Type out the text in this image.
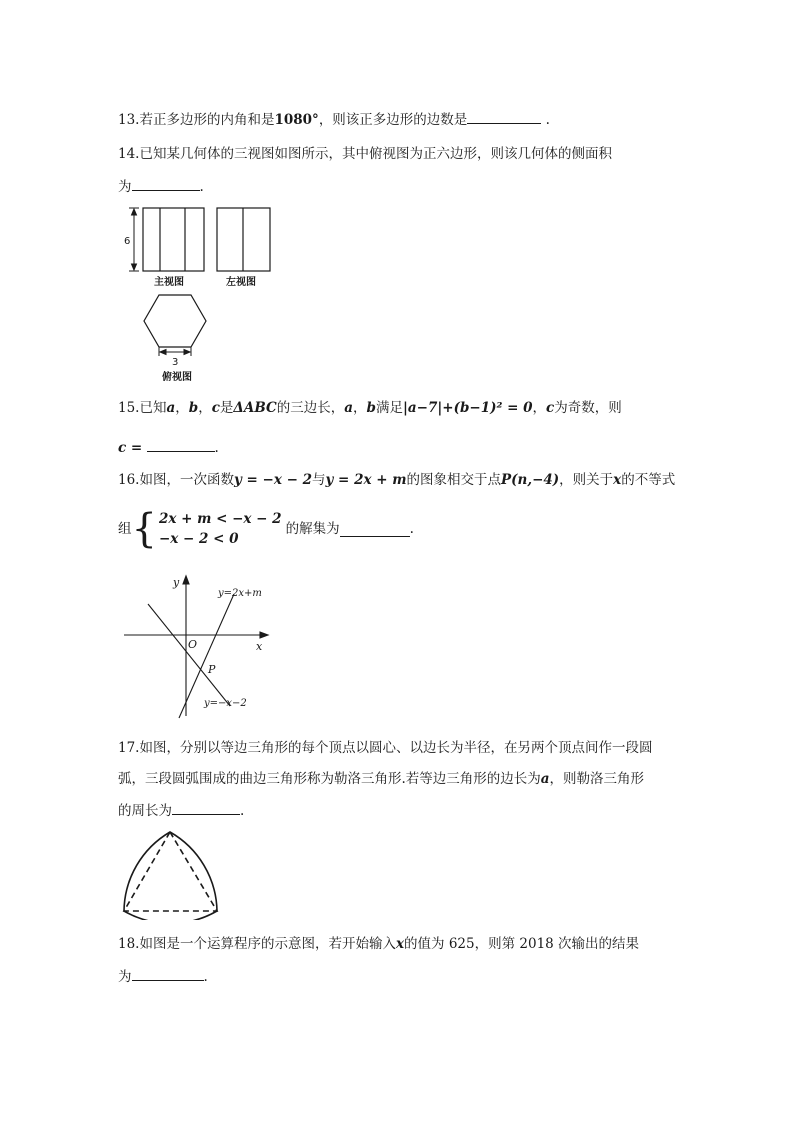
13.若正多边形的内角和是1080°，则该正多边形的边数是	.
14.已知某几何体的三视图如图所示，其中俯视图为正六边形，则该几何体的侧面积
为	.
6
主视图	左视图
3
俯视图
15.已知a，b，c是ΔABC的三边长，a，b满足|a−7|+(b−1)² = 0，c为奇数，则
c =	.
16.如图，一次函数y = −x − 2与y = 2x + m的图象相交于点P(n,−4)，则关于x的不等式
组 { 2x + m < −x − 2
−x − 2 < 0
的解集为	.
y
x
O
P
y=2x+m
y=−x−2
17.如图，分别以等边三角形的每个顶点以圆心、以边长为半径，在另两个顶点间作一段圆
弧，三段圆弧围成的曲边三角形称为勒洛三角形.若等边三角形的边长为a，则勒洛三角形
的周长为	.
18.如图是一个运算程序的示意图，若开始输入x的值为 625，则第 2018 次输出的结果
为	.
